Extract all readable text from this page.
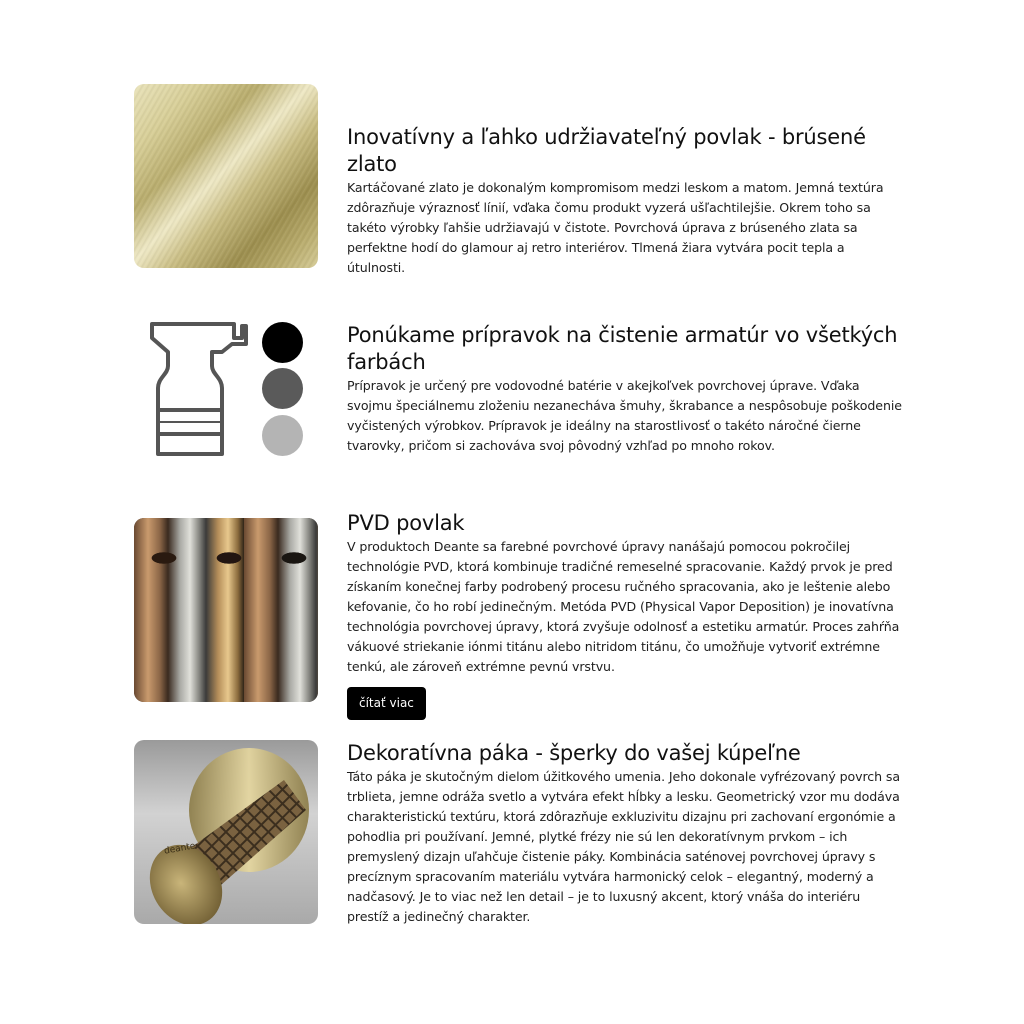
Inovatívny a ľahko udržiavateľný povlak - brúsené zlato

Kartáčované zlato je dokonalým kompromisom medzi leskom a matom. Jemná textúra zdôrazňuje výraznosť línií, vďaka čomu produkt vyzerá ušľachtilejšie. Okrem toho sa takéto výrobky ľahšie udržiavajú v čistote. Povrchová úprava z brúseného zlata sa perfektne hodí do glamour aj retro interiérov. Tlmená žiara vytvára pocit tepla a útulnosti.

Ponúkame prípravok na čistenie armatúr vo všetkých farbách

Prípravok je určený pre vodovodné batérie v akejkoľvek povrchovej úprave. Vďaka svojmu špeciálnemu zloženiu nezanecháva šmuhy, škrabance a nespôsobuje poškodenie vyčistených výrobkov. Prípravok je ideálny na starostlivosť o takéto náročné čierne tvarovky, pričom si zachováva svoj pôvodný vzhľad po mnoho rokov.

PVD povlak

V produktoch Deante sa farebné povrchové úpravy nanášajú pomocou pokročilej technológie PVD, ktorá kombinuje tradičné remeselné spracovanie. Každý prvok je pred získaním konečnej farby podrobený procesu ručného spracovania, ako je leštenie alebo kefovanie, čo ho robí jedinečným. Metóda PVD (Physical Vapor Deposition) je inovatívna technológia povrchovej úpravy, ktorá zvyšuje odolnosť a estetiku armatúr. Proces zahŕňa vákuové striekanie iónmi titánu alebo nitridom titánu, čo umožňuje vytvoriť extrémne tenkú, ale zároveň extrémne pevnú vrstvu.

čítať viac
deante
Dekoratívna páka - šperky do vašej kúpeľne

Táto páka je skutočným dielom úžitkového umenia. Jeho dokonale vyfrézovaný povrch sa trblieta, jemne odráža svetlo a vytvára efekt hĺbky a lesku. Geometrický vzor mu dodáva charakteristickú textúru, ktorá zdôrazňuje exkluzivitu dizajnu pri zachovaní ergonómie a pohodlia pri používaní. Jemné, plytké frézy nie sú len dekoratívnym prvkom – ich premyslený dizajn uľahčuje čistenie páky. Kombinácia saténovej povrchovej úpravy s precíznym spracovaním materiálu vytvára harmonický celok – elegantný, moderný a nadčasový. Je to viac než len detail – je to luxusný akcent, ktorý vnáša do interiéru prestíž a jedinečný charakter.
